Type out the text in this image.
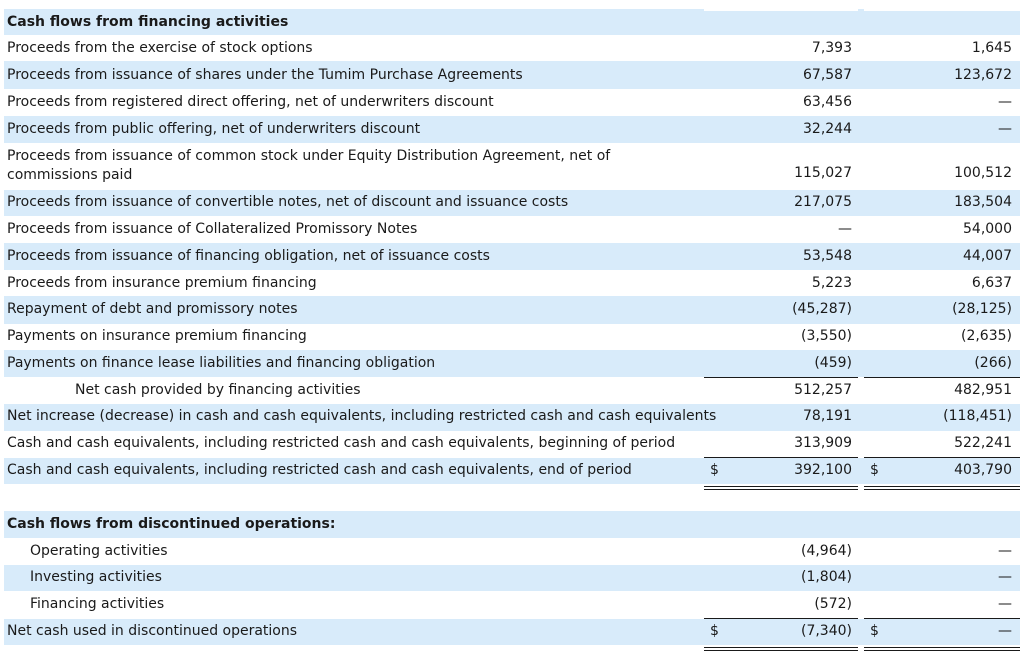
Cash flows from financing activities
Proceeds from the exercise of stock options	7,393	1,645
Proceeds from issuance of shares under the Tumim Purchase Agreements	67,587	123,672
Proceeds from registered direct offering, net of underwriters discount	63,456	—
Proceeds from public offering, net of underwriters discount	32,244	—
Proceeds from issuance of common stock under Equity Distribution Agreement, net of commissions paid	115,027	100,512
Proceeds from issuance of convertible notes, net of discount and issuance costs	217,075	183,504
Proceeds from issuance of Collateralized Promissory Notes	—	54,000
Proceeds from issuance of financing obligation, net of issuance costs	53,548	44,007
Proceeds from insurance premium financing	5,223	6,637
Repayment of debt and promissory notes	(45,287)	(28,125)
Payments on insurance premium financing	(3,550)	(2,635)
Payments on finance lease liabilities and financing obligation	(459)	(266)
Net cash provided by financing activities	512,257	482,951
Net increase (decrease) in cash and cash equivalents, including restricted cash and cash equivalents	78,191	(118,451)
Cash and cash equivalents, including restricted cash and cash equivalents, beginning of period	313,909	522,241
Cash and cash equivalents, including restricted cash and cash equivalents, end of period	$	392,100 $	403,790
Cash flows from discontinued operations:
Operating activities	(4,964)	—
Investing activities	(1,804)	—
Financing activities	(572)	—
Net cash used in discontinued operations	$	(7,340) $	—
